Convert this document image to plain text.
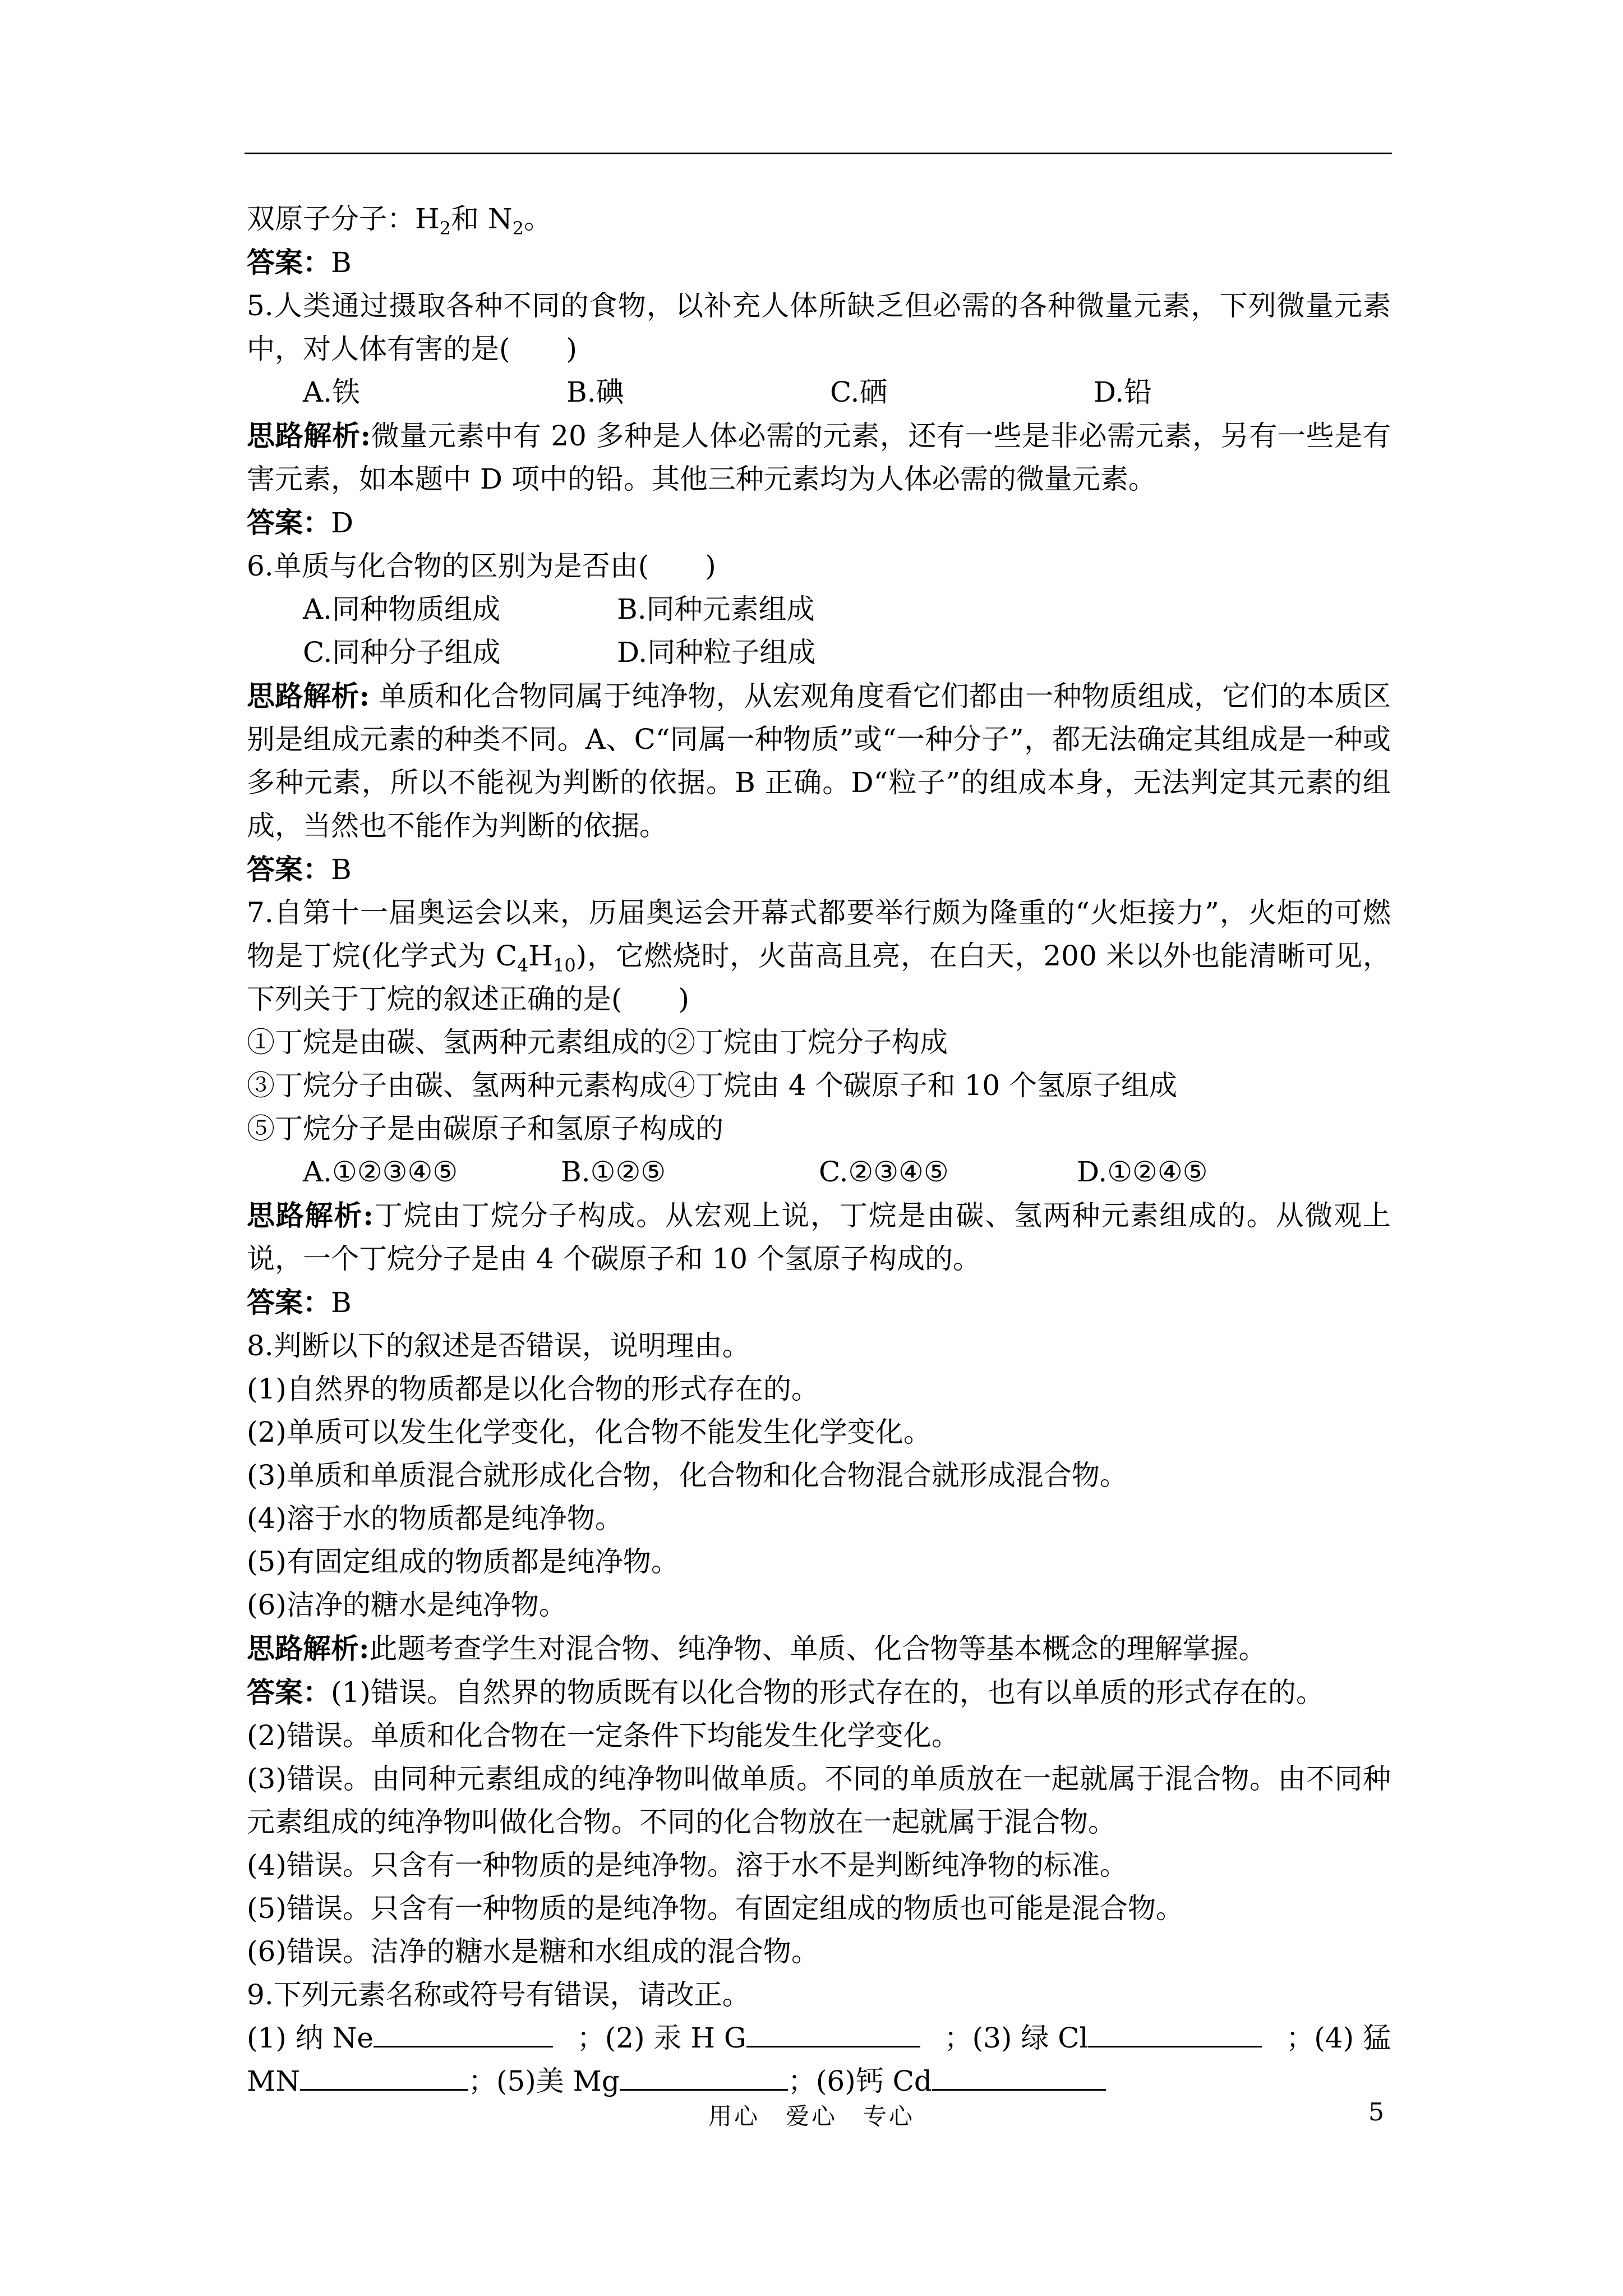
双原子分子：$H_2$和 $N_2$。

答案：B

5.人类通过摄取各种不同的食物，以补充人体所缺乏但必需的各种微量元素，下列微量元素中，对人体有害的是(　　)

A.铁	B.碘	C.硒	D.铅

思路解析:微量元素中有 20 多种是人体必需的元素，还有一些是非必需元素，另有一些是有害元素，如本题中 D 项中的铅。其他三种元素均为人体必需的微量元素。

答案：D

6.单质与化合物的区别为是否由(　　)

A.同种物质组成	B.同种元素组成
C.同种分子组成	D.同种粒子组成

思路解析: 单质和化合物同属于纯净物，从宏观角度看它们都由一种物质组成，它们的本质区别是组成元素的种类不同。A、C“同属一种物质”或“一种分子”，都无法确定其组成是一种或多种元素，所以不能视为判断的依据。B 正确。D“粒子”的组成本身，无法判定其元素的组成，当然也不能作为判断的依据。

答案：B

7.自第十一届奥运会以来，历届奥运会开幕式都要举行颇为隆重的“火炬接力”，火炬的可燃物是丁烷(化学式为 $C_4H_{10}$)，它燃烧时，火苗高且亮，在白天，200 米以外也能清晰可见，下列关于丁烷的叙述正确的是(　　)

①丁烷是由碳、氢两种元素组成的②丁烷由丁烷分子构成

③丁烷分子由碳、氢两种元素构成④丁烷由 4 个碳原子和 10 个氢原子组成

⑤丁烷分子是由碳原子和氢原子构成的

A.①②③④⑤	B.①②⑤	C.②③④⑤	D.①②④⑤

思路解析:丁烷由丁烷分子构成。从宏观上说，丁烷是由碳、氢两种元素组成的。从微观上说，一个丁烷分子是由 4 个碳原子和 10 个氢原子构成的。

答案：B

8.判断以下的叙述是否错误，说明理由。

(1)自然界的物质都是以化合物的形式存在的。

(2)单质可以发生化学变化，化合物不能发生化学变化。

(3)单质和单质混合就形成化合物，化合物和化合物混合就形成混合物。

(4)溶于水的物质都是纯净物。

(5)有固定组成的物质都是纯净物。

(6)洁净的糖水是纯净物。

思路解析:此题考查学生对混合物、纯净物、单质、化合物等基本概念的理解掌握。

答案：(1)错误。自然界的物质既有以化合物的形式存在的，也有以单质的形式存在的。

(2)错误。单质和化合物在一定条件下均能发生化学变化。

(3)错误。由同种元素组成的纯净物叫做单质。不同的单质放在一起就属于混合物。由不同种元素组成的纯净物叫做化合物。不同的化合物放在一起就属于混合物。

(4)错误。只含有一种物质的是纯净物。溶于水不是判断纯净物的标准。

(5)错误。只含有一种物质的是纯净物。有固定组成的物质也可能是混合物。

(6)错误。洁净的糖水是糖和水组成的混合物。

9.下列元素名称或符号有错误，请改正。

(1) 纳 Ne	；(2) 汞 H G	；(3) 绿 Cl	；(4) 猛

MN	；(5)美 Mg	；(6)钙 Cd

用心　爱心　专心	5
